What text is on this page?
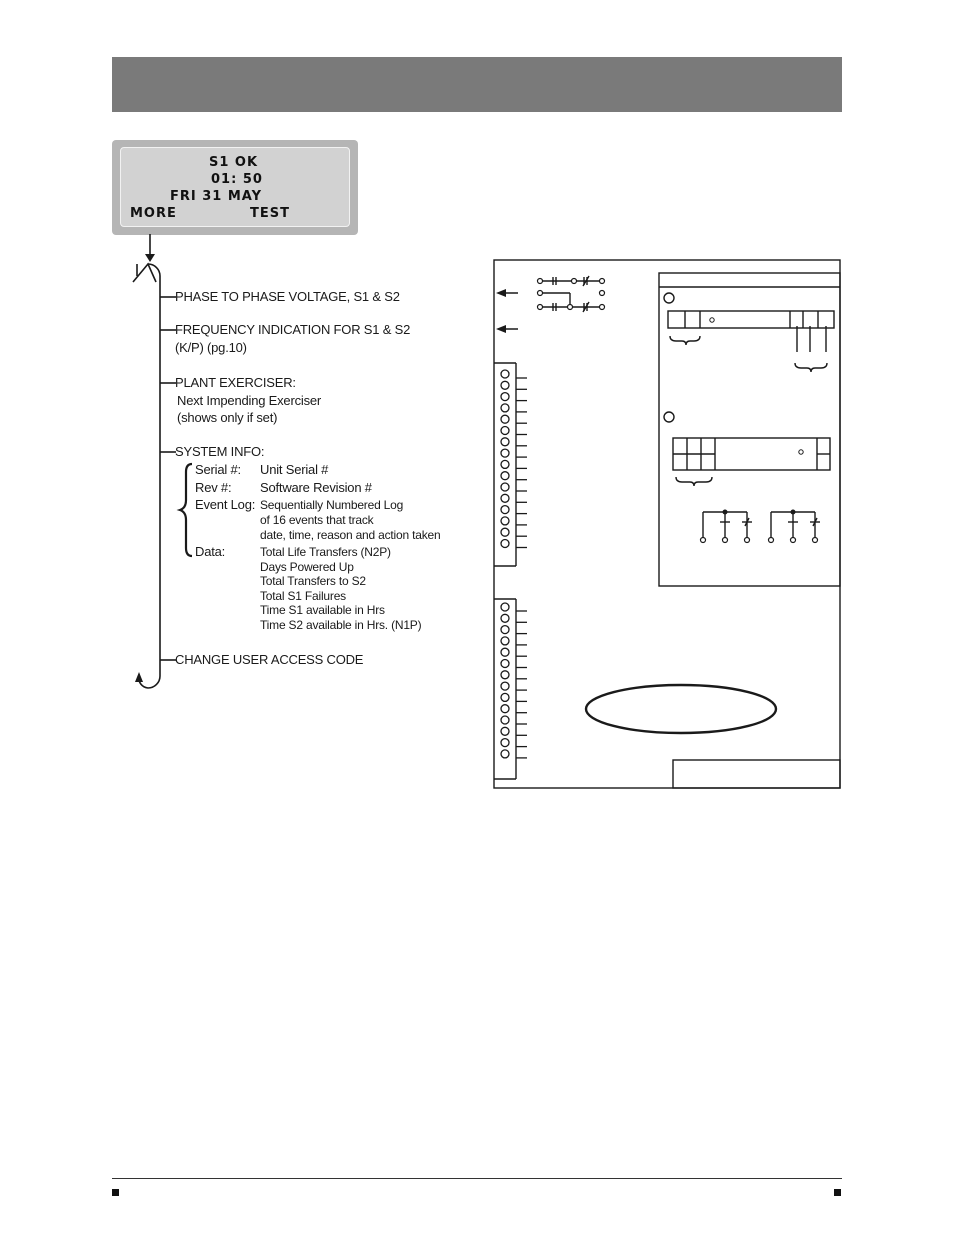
S1 OK
01: 50
FRI 31 MAY
MORE	TEST
PHASE TO PHASE VOLTAGE, S1 & S2
FREQUENCY INDICATION FOR S1 & S2
(K/P) (pg.10)
PLANT EXERCISER:
Next Impending Exerciser
(shows only if set)
SYSTEM INFO:
Serial #: Unit Serial #
Rev #: Software Revision #
Event Log: Sequentially Numbered Log
of 16 events that track
date, time, reason and action taken
Data:	Total Life Transfers (N2P)
Days Powered Up
Total Transfers to S2
Total S1 Failures
Time S1 available in Hrs
Time S2 available in Hrs. (N1P)
CHANGE USER ACCESS CODE
